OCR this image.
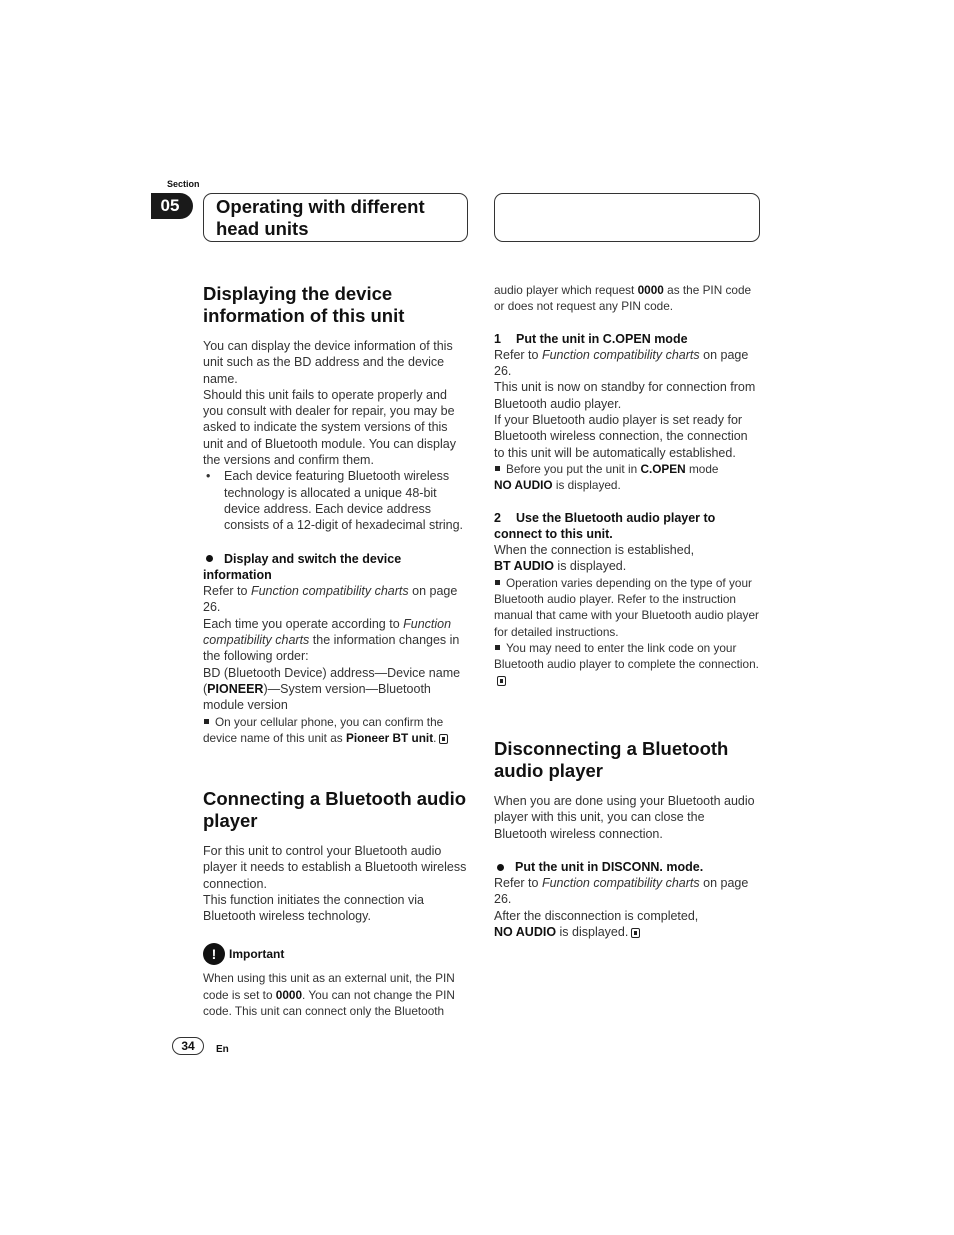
Section
05	Operating with different head units
Displaying the device information of this unit

You can display the device information of this unit such as the BD address and the device name.

Should this unit fails to operate properly and you consult with dealer for repair, you may be asked to indicate the system versions of this unit and of Bluetooth module. You can display the versions and confirm them.

•	Each device featuring Bluetooth wireless technology is allocated a unique 48-bit device address. Each device address consists of a 12-digit of hexadecimal string.

Display and switch the device information

Refer to Function compatibility charts on page 26.

Each time you operate according to Function compatibility charts the information changes in the following order:

BD (Bluetooth Device) address—Device name (PIONEER)—System version—Bluetooth module version

On your cellular phone, you can confirm the device name of this unit as Pioneer BT unit.

Connecting a Bluetooth audio player

For this unit to control your Bluetooth audio player it needs to establish a Bluetooth wireless connection.

This function initiates the connection via Bluetooth wireless technology.

!	Important

When using this unit as an external unit, the PIN code is set to 0000. You can not change the PIN code. This unit can connect only the Bluetooth

audio player which request 0000 as the PIN code or does not request any PIN code.

1 Put the unit in C.OPEN mode

Refer to Function compatibility charts on page 26.

This unit is now on standby for connection from Bluetooth audio player.

If your Bluetooth audio player is set ready for Bluetooth wireless connection, the connection to this unit will be automatically established.

Before you put the unit in C.OPEN mode
NO AUDIO is displayed.

2 Use the Bluetooth audio player to connect to this unit.

When the connection is established,

BT AUDIO is displayed.

Operation varies depending on the type of your Bluetooth audio player. Refer to the instruction manual that came with your Bluetooth audio player for detailed instructions.

You may need to enter the link code on your Bluetooth audio player to complete the connection.

Disconnecting a Bluetooth audio player

When you are done using your Bluetooth audio player with this unit, you can close the Bluetooth wireless connection.

Put the unit in DISCONN. mode.

Refer to Function compatibility charts on page 26.

After the disconnection is completed,

NO AUDIO is displayed.

34	En
